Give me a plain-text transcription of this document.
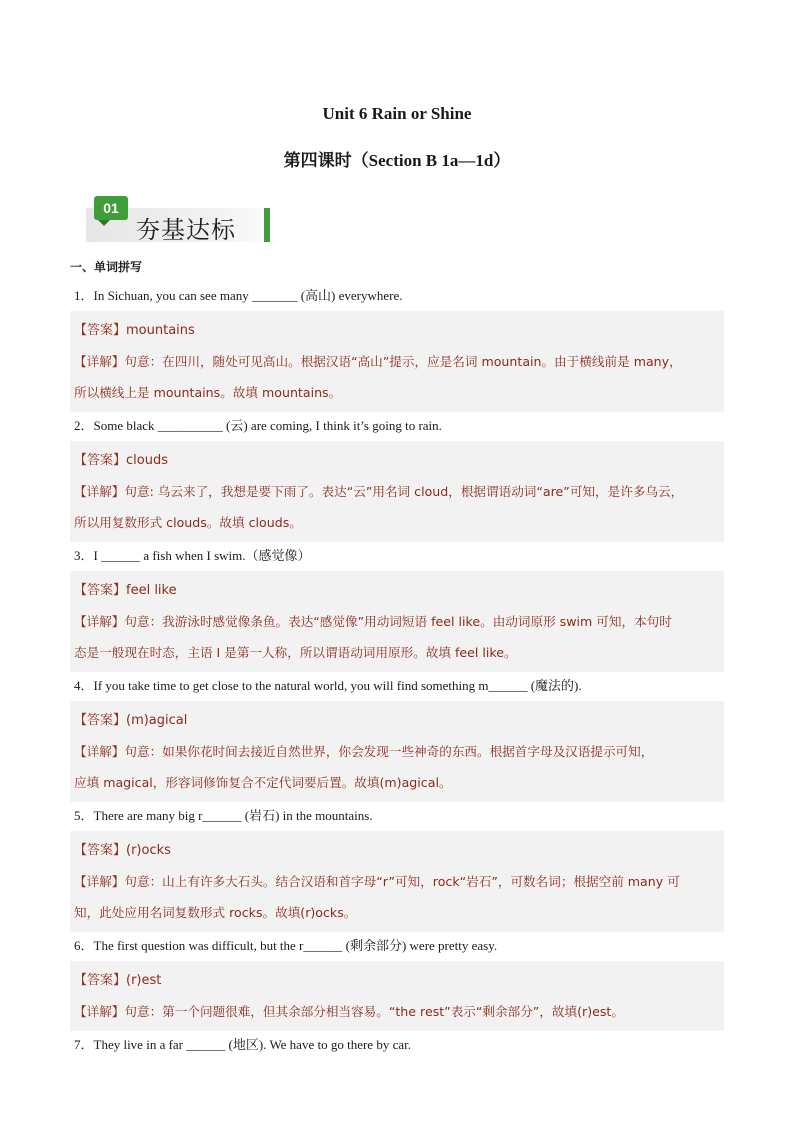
Unit 6 Rain or Shine
第四课时（Section B 1a—1d）
01
夯基达标
一、单词拼写
1．In Sichuan, you can see many _______ (高山) everywhere.
【答案】mountains
【详解】句意：在四川，随处可见高山。根据汉语“高山”提示，应是名词 mountain。由于横线前是 many，
所以横线上是 mountains。故填 mountains。
2．Some black __________ (云) are coming, I think it’s going to rain.
【答案】clouds
【详解】句意: 乌云来了，我想是要下雨了。表达“云”用名词 cloud，根据谓语动词“are”可知，是许多乌云，
所以用复数形式 clouds。故填 clouds。
3．I ______ a fish when I swim.（感觉像）
【答案】feel like
【详解】句意：我游泳时感觉像条鱼。表达“感觉像”用动词短语 feel like。由动词原形 swim 可知，本句时
态是一般现在时态，主语 I 是第一人称，所以谓语动词用原形。故填 feel like。
4．If you take time to get close to the natural world, you will find something m______ (魔法的).
【答案】(m)agical
【详解】句意：如果你花时间去接近自然世界，你会发现一些神奇的东西。根据首字母及汉语提示可知，
应填 magical，形容词修饰复合不定代词要后置。故填(m)agical。
5．There are many big r______ (岩石) in the mountains.
【答案】(r)ocks
【详解】句意：山上有许多大石头。结合汉语和首字母“r”可知，rock“岩石”，可数名词；根据空前 many 可
知，此处应用名词复数形式 rocks。故填(r)ocks。
6．The first question was difficult, but the r______ (剩余部分) were pretty easy.
【答案】(r)est
【详解】句意：第一个问题很难，但其余部分相当容易。“the rest”表示“剩余部分”，故填(r)est。
7．They live in a far ______ (地区). We have to go there by car.
